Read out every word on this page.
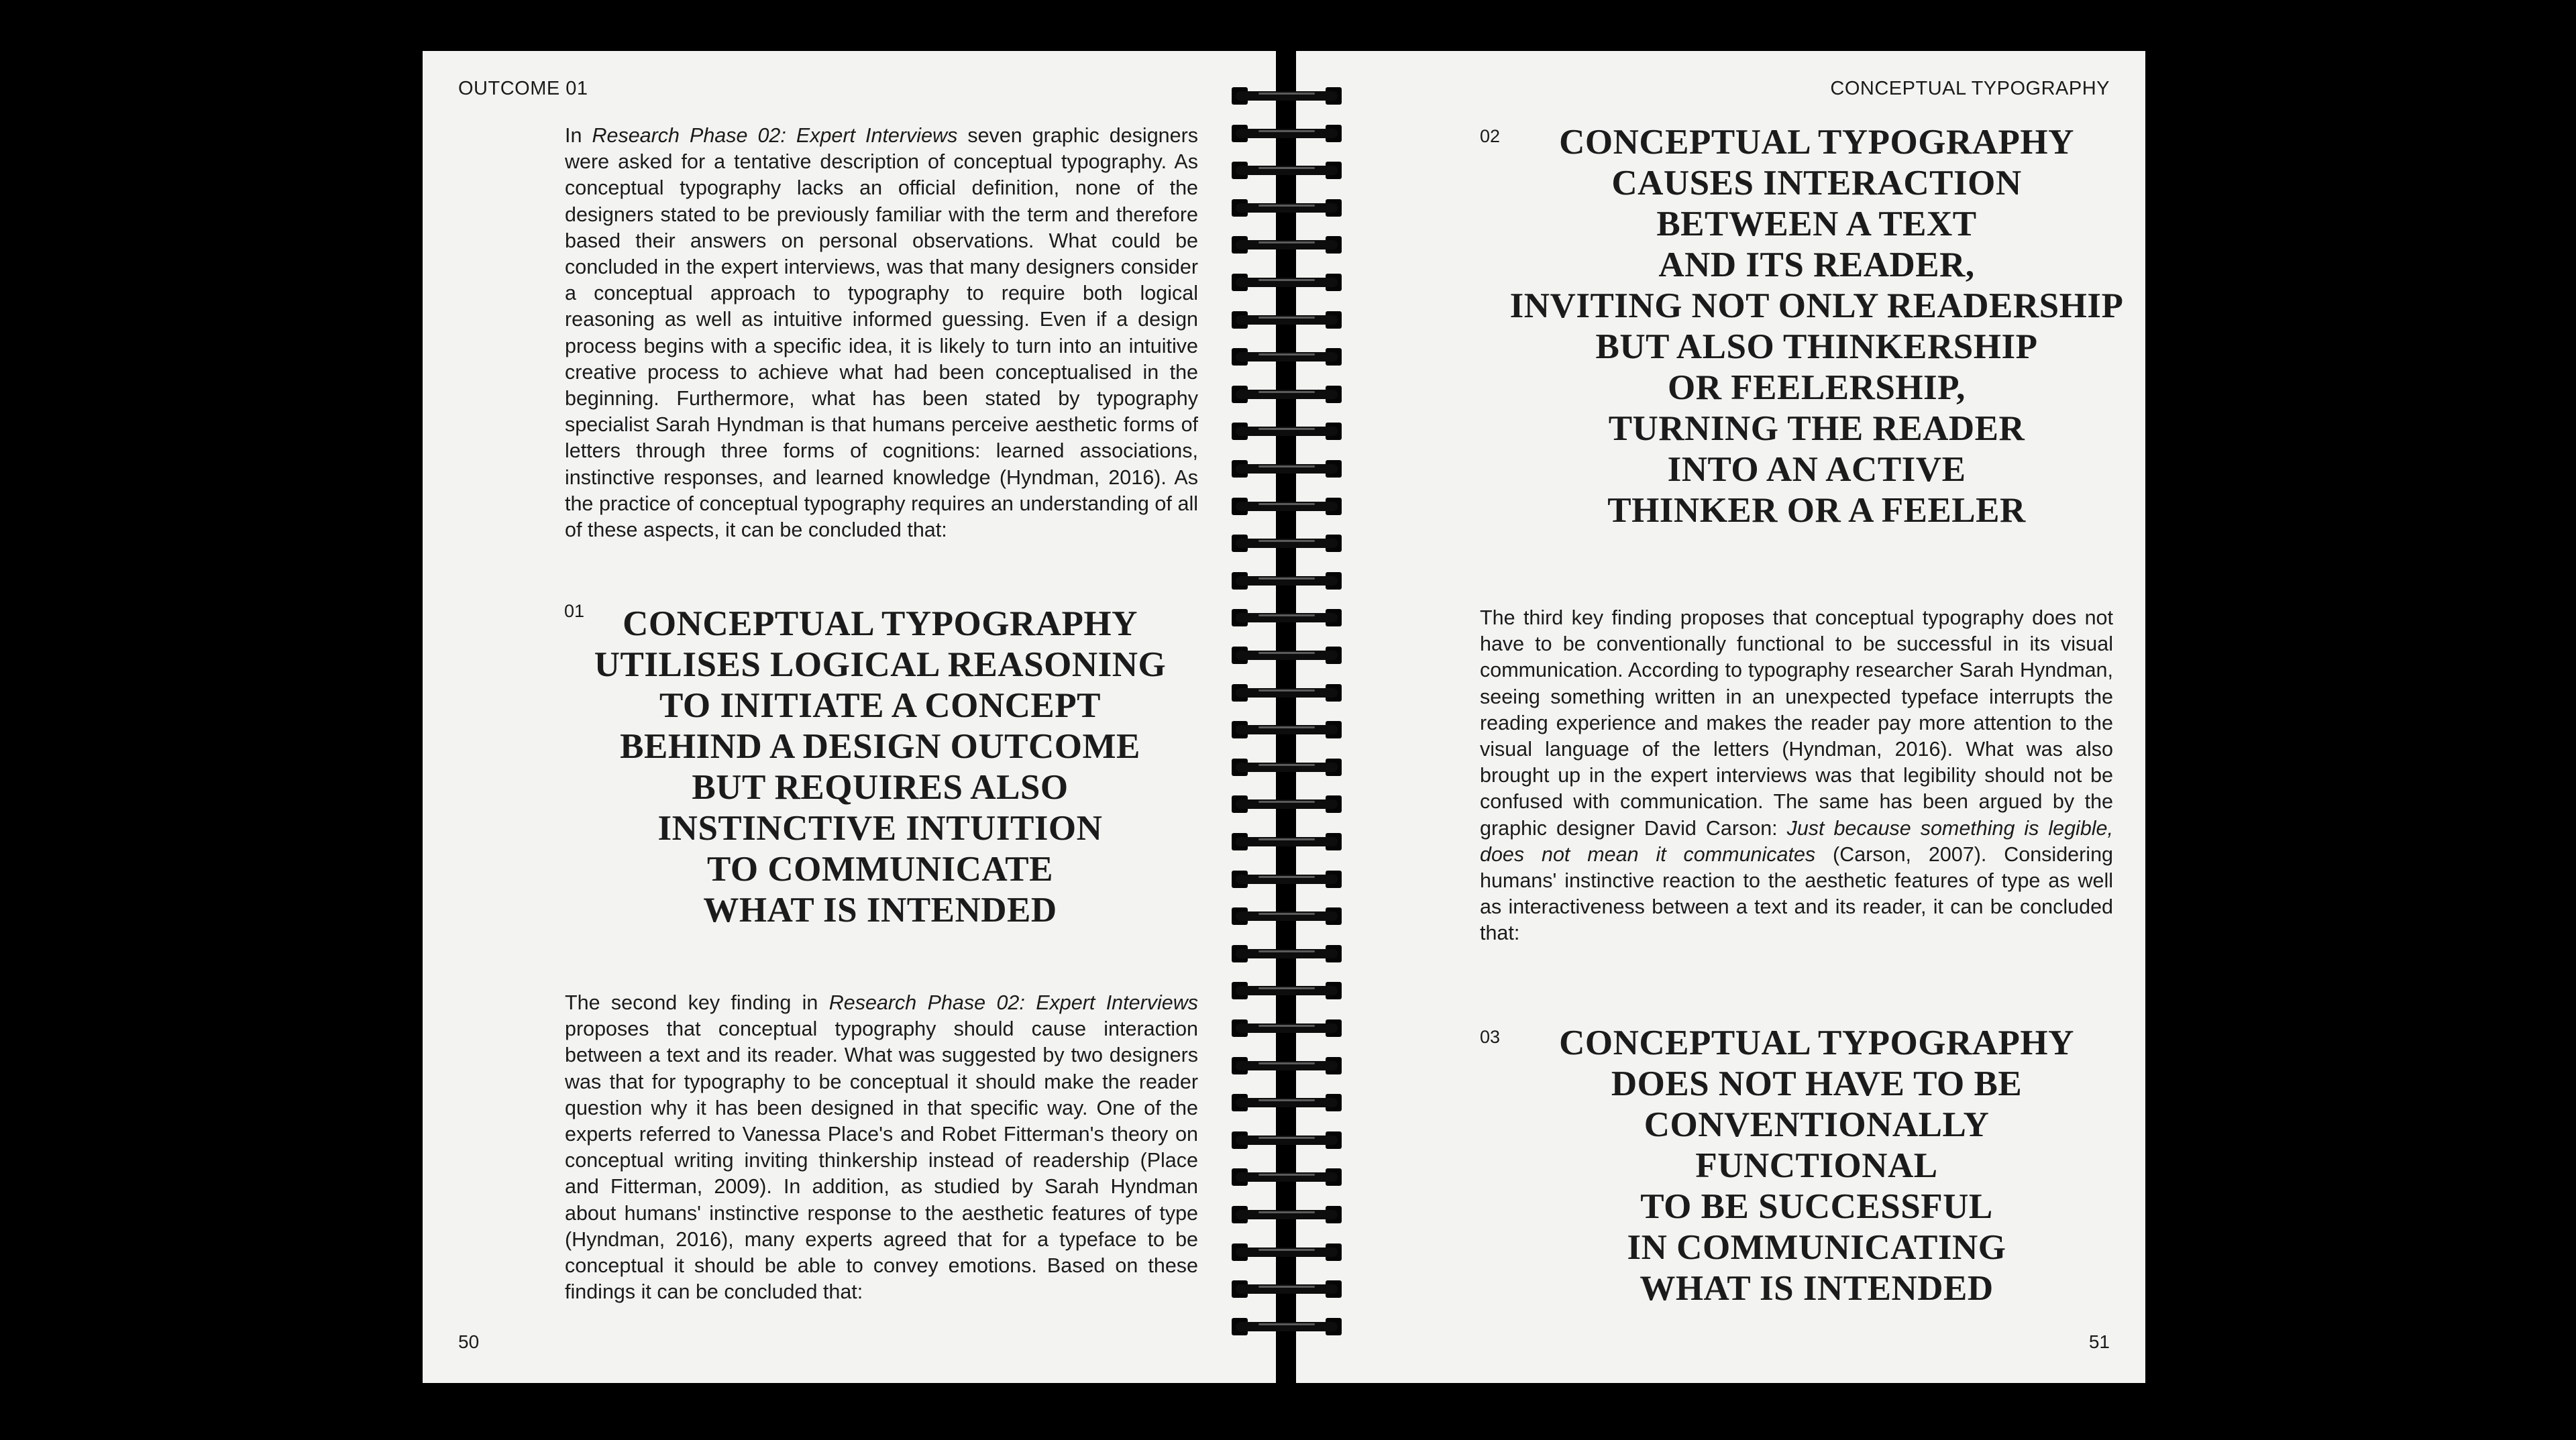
OUTCOME 01

In Research Phase 02: Expert Interviews seven graphic designers were asked for a tentative description of conceptual typography. As conceptual typography lacks an official definition, none of the designers stated to be previously familiar with the term and therefore based their answers on personal observations. What could be concluded in the expert interviews, was that many designers consider a conceptual approach to typography to require both logical reasoning as well as intuitive informed guessing. Even if a design process begins with a specific idea, it is likely to turn into an intuitive creative process to achieve what had been conceptualised in the beginning. Furthermore, what has been stated by typography specialist Sarah Hyndman is that humans perceive aesthetic forms of letters through three forms of cognitions: learned associations, instinctive responses, and learned knowledge (Hyndman, 2016). As the practice of conceptual typography requires an understanding of all of these aspects, it can be concluded that:

01	CONCEPTUAL TYPOGRAPHY
UTILISES LOGICAL REASONING
TO INITIATE A CONCEPT
BEHIND A DESIGN OUTCOME
BUT REQUIRES ALSO
INSTINCTIVE INTUITION
TO COMMUNICATE
WHAT IS INTENDED

The second key finding in Research Phase 02: Expert Interviews proposes that conceptual typography should cause interaction between a text and its reader. What was suggested by two designers was that for typography to be conceptual it should make the reader question why it has been designed in that specific way. One of the experts referred to Vanessa Place's and Robet Fitterman's theory on conceptual writing inviting thinkership instead of readership (Place and Fitterman, 2009). In addition, as studied by Sarah Hyndman about humans' instinctive response to the aesthetic features of type (Hyndman, 2016), many experts agreed that for a typeface to be conceptual it should be able to convey emotions. Based on these findings it can be concluded that:

50
CONCEPTUAL TYPOGRAPHY
02	CONCEPTUAL TYPOGRAPHY
CAUSES INTERACTION
BETWEEN A TEXT
AND ITS READER,
INVITING NOT ONLY READERSHIP
BUT ALSO THINKERSHIP
OR FEELERSHIP,
TURNING THE READER
INTO AN ACTIVE
THINKER OR A FEELER

The third key finding proposes that conceptual typography does not have to be conventionally functional to be successful in its visual communication. According to typography researcher Sarah Hyndman, seeing something written in an unexpected typeface interrupts the reading experience and makes the reader pay more attention to the visual language of the letters (Hyndman, 2016). What was also brought up in the expert interviews was that legibility should not be confused with communication. The same has been argued by the graphic designer David Carson: Just because something is legible, does not mean it communicates (Carson, 2007). Considering humans' instinctive reaction to the aesthetic features of type as well as interactiveness between a text and its reader, it can be concluded that:

03	CONCEPTUAL TYPOGRAPHY
DOES NOT HAVE TO BE
CONVENTIONALLY
FUNCTIONAL
TO BE SUCCESSFUL
IN COMMUNICATING
WHAT IS INTENDED
51
